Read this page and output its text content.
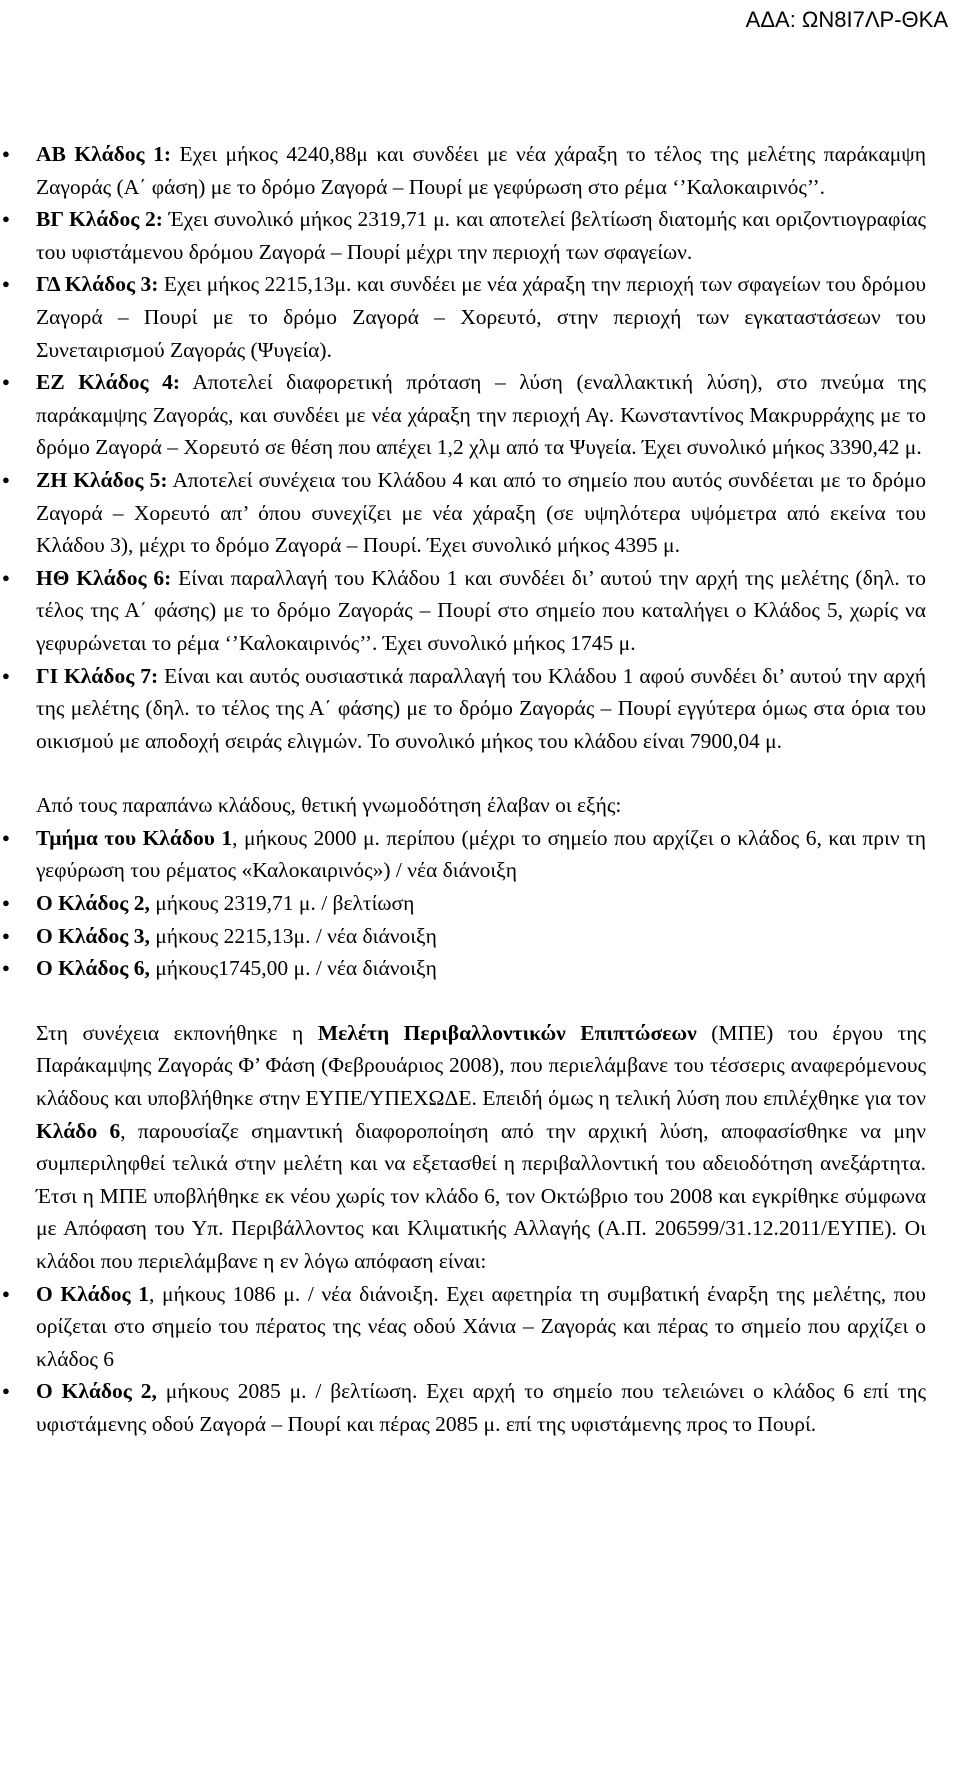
ΑΔΑ: ΩΝ8Ι7ΛΡ-ΘΚΑ
● ΑΒ Κλάδος 1: Εχει μήκος 4240,88μ και συνδέει με νέα χάραξη το τέλος της μελέτης παράκαμψη Ζαγοράς (Α΄ φάση) με το δρόμο Ζαγορά – Πουρί με γεφύρωση στο ρέμα ‘’Καλοκαιρινός’’.
● ΒΓ Κλάδος 2: Έχει συνολικό μήκος 2319,71 μ. και αποτελεί βελτίωση διατομής και οριζοντιογραφίας του υφιστάμενου δρόμου Ζαγορά – Πουρί μέχρι την περιοχή των σφαγείων.
● ΓΔ Κλάδος 3: Εχει μήκος 2215,13μ. και συνδέει με νέα χάραξη την περιοχή των σφαγείων του δρόμου Ζαγορά – Πουρί με το δρόμο Ζαγορά – Χορευτό, στην περιοχή των εγκαταστάσεων του Συνεταιρισμού Ζαγοράς (Ψυγεία).
● ΕΖ Κλάδος 4: Αποτελεί διαφορετική πρόταση – λύση (εναλλακτική λύση), στο πνεύμα της παράκαμψης Ζαγοράς, και συνδέει με νέα χάραξη την περιοχή Αγ. Κωνσταντίνος Μακρυρράχης με το δρόμο Ζαγορά – Χορευτό σε θέση που απέχει 1,2 χλμ από τα Ψυγεία. Έχει συνολικό μήκος 3390,42 μ.
● ΖΗ Κλάδος 5: Αποτελεί συνέχεια του Κλάδου 4 και από το σημείο που αυτός συνδέεται με το δρόμο Ζαγορά – Χορευτό απ’ όπου συνεχίζει με νέα χάραξη (σε υψηλότερα υψόμετρα από εκείνα του Κλάδου 3), μέχρι το δρόμο Ζαγορά – Πουρί. Έχει συνολικό μήκος 4395 μ.
● ΗΘ Κλάδος 6: Είναι παραλλαγή του Κλάδου 1 και συνδέει δι’ αυτού την αρχή της μελέτης (δηλ. το τέλος της Α΄ φάσης) με το δρόμο Ζαγοράς – Πουρί στο σημείο που καταλήγει ο Κλάδος 5, χωρίς να γεφυρώνεται το ρέμα ‘’Καλοκαιρινός’’. Έχει συνολικό μήκος 1745 μ.
● ΓΙ Κλάδος 7: Είναι και αυτός ουσιαστικά παραλλαγή του Κλάδου 1 αφού συνδέει δι’ αυτού την αρχή της μελέτης (δηλ. το τέλος της Α΄ φάσης) με το δρόμο Ζαγοράς – Πουρί εγγύτερα όμως στα όρια του οικισμού με αποδοχή σειράς ελιγμών. Το συνολικό μήκος του κλάδου είναι 7900,04 μ.

Από τους παραπάνω κλάδους, θετική γνωμοδότηση έλαβαν οι εξής:

● Τμήμα του Κλάδου 1, μήκους 2000 μ. περίπου (μέχρι το σημείο που αρχίζει ο κλάδος 6, και πριν τη γεφύρωση του ρέματος «Καλοκαιρινός») / νέα διάνοιξη
● Ο Κλάδος 2, μήκους 2319,71 μ. / βελτίωση
● Ο Κλάδος 3, μήκους 2215,13μ. / νέα διάνοιξη
● Ο Κλάδος 6, μήκους1745,00 μ. / νέα διάνοιξη

Στη συνέχεια εκπονήθηκε η Μελέτη Περιβαλλοντικών Επιπτώσεων (ΜΠΕ) του έργου της Παράκαμψης Ζαγοράς Φ’ Φάση (Φεβρουάριος 2008), που περιελάμβανε του τέσσερις αναφερόμενους κλάδους και υποβλήθηκε στην ΕΥΠΕ/ΥΠΕΧΩΔΕ. Επειδή όμως η τελική λύση που επιλέχθηκε για τον Κλάδο 6, παρουσίαζε σημαντική διαφοροποίηση από την αρχική λύση, αποφασίσθηκε να μην συμπεριληφθεί τελικά στην μελέτη και να εξετασθεί η περιβαλλοντική του αδειοδότηση ανεξάρτητα. Έτσι η ΜΠΕ υποβλήθηκε εκ νέου χωρίς τον κλάδο 6, τον Οκτώβριο του 2008 και εγκρίθηκε σύμφωνα με Απόφαση του Υπ. Περιβάλλοντος και Κλιματικής Αλλαγής (Α.Π. 206599/31.12.2011/ΕΥΠΕ). Οι κλάδοι που περιελάμβανε η εν λόγω απόφαση είναι:

● Ο Κλάδος 1, μήκους 1086 μ. / νέα διάνοιξη. Εχει αφετηρία τη συμβατική έναρξη της μελέτης, που ορίζεται στο σημείο του πέρατος της νέας οδού Χάνια – Ζαγοράς και πέρας το σημείο που αρχίζει ο κλάδος 6
● Ο Κλάδος 2, μήκους 2085 μ. / βελτίωση. Εχει αρχή το σημείο που τελειώνει ο κλάδος 6 επί της υφιστάμενης οδού Ζαγορά – Πουρί και πέρας 2085 μ. επί της υφιστάμενης προς το Πουρί.
